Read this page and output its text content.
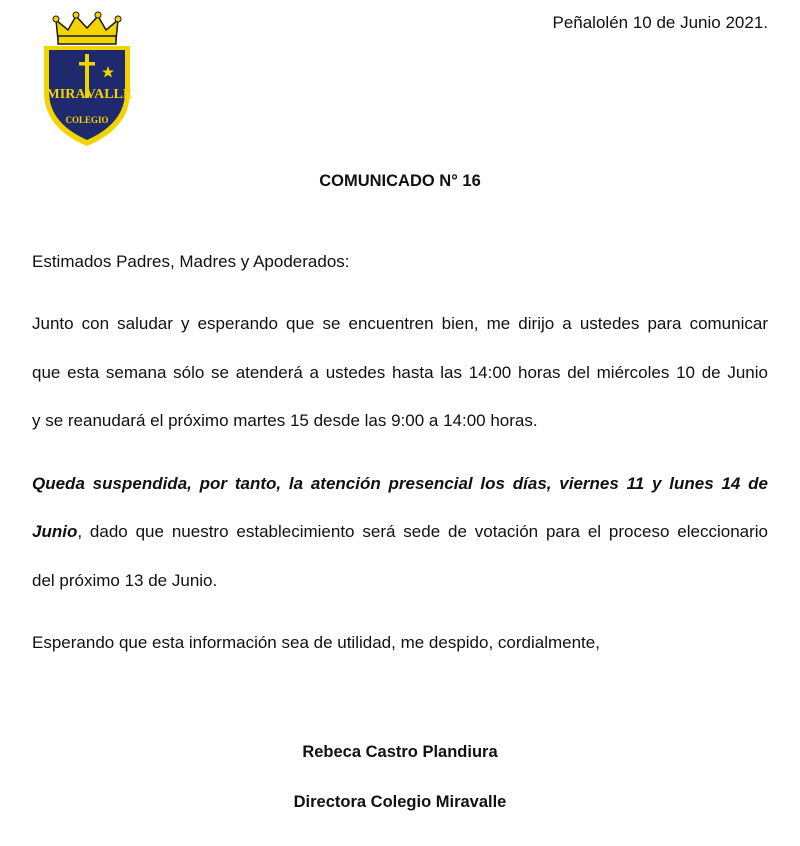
MIRA VALLE
COLEGIO
Peñalolén 10 de Junio 2021.
COMUNICADO N° 16
Estimados Padres, Madres y Apoderados:
Junto con saludar y esperando que se encuentren bien, me dirijo a ustedes para comunicar
que esta semana sólo se atenderá a ustedes hasta las 14:00 horas del miércoles 10 de Junio
y se reanudará el próximo martes 15 desde las 9:00 a 14:00 horas.
Queda suspendida, por tanto, la atención presencial los días, viernes 11 y lunes 14 de
Junio , dado que nuestro establecimiento será sede de votación para el proceso eleccionario
del próximo 13 de Junio.
Esperando que esta información sea de utilidad, me despido, cordialmente,
Rebeca Castro Plandiura
Directora Colegio Miravalle
